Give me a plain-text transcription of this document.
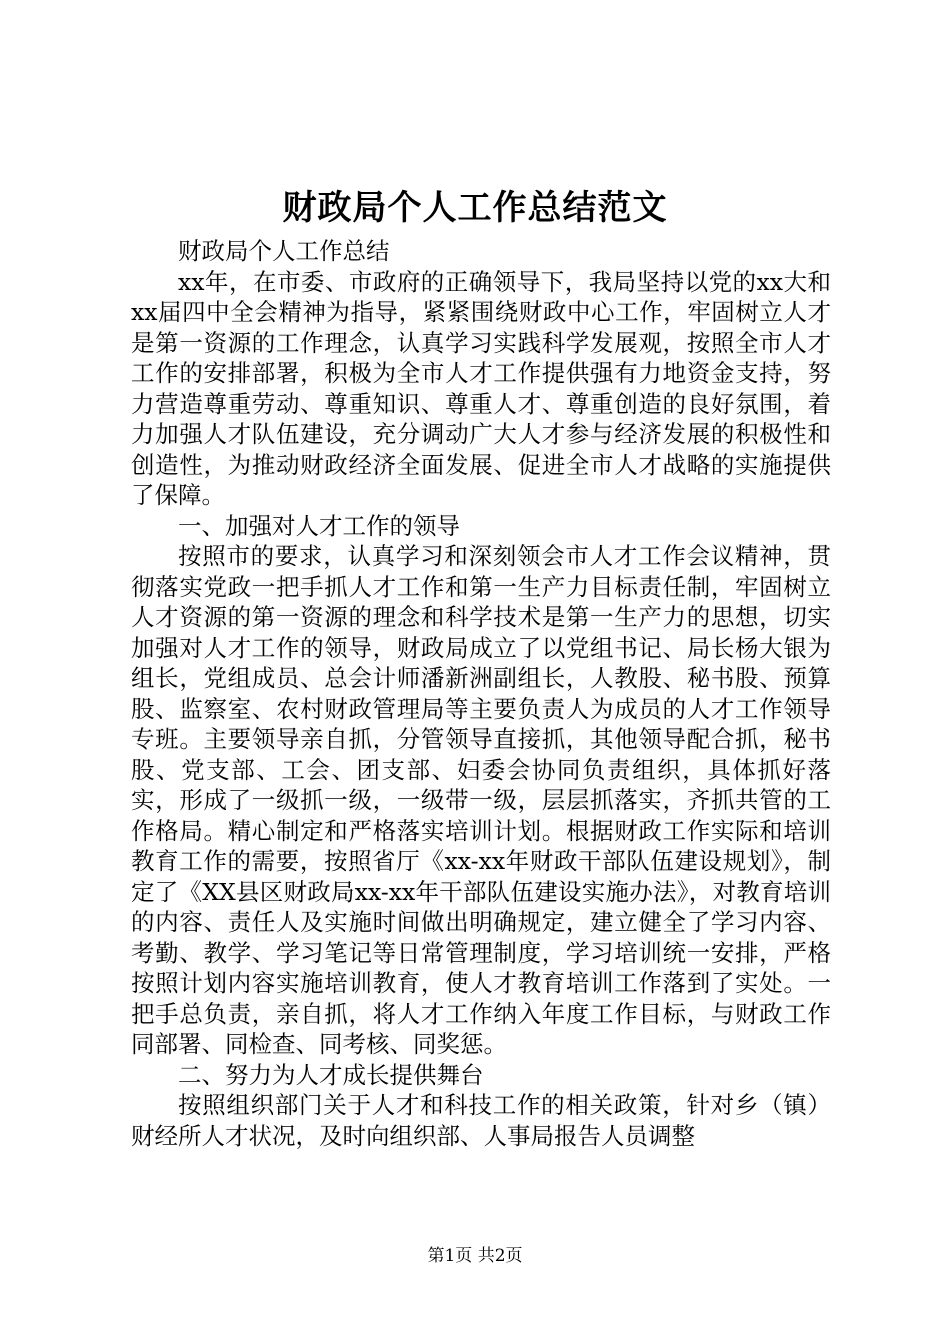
财政局个人工作总结范文

财政局个人工作总结

xx年，在市委、市政府的正确领导下，我局坚持以党的xx大和xx届四中全会精神为指导，紧紧围绕财政中心工作，牢固树立人才是第一资源的工作理念，认真学习实践科学发展观，按照全市人才工作的安排部署，积极为全市人才工作提供强有力地资金支持，努力营造尊重劳动、尊重知识、尊重人才、尊重创造的良好氛围，着力加强人才队伍建设，充分调动广大人才参与经济发展的积极性和创造性，为推动财政经济全面发展、促进全市人才战略的实施提供了保障。

一、加强对人才工作的领导

按照市的要求，认真学习和深刻领会市人才工作会议精神，贯彻落实党政一把手抓人才工作和第一生产力目标责任制，牢固树立人才资源的第一资源的理念和科学技术是第一生产力的思想，切实加强对人才工作的领导，财政局成立了以党组书记、局长杨大银为组长，党组成员、总会计师潘新洲副组长，人教股、秘书股、预算股、监察室、农村财政管理局等主要负责人为成员的人才工作领导专班。主要领导亲自抓，分管领导直接抓，其他领导配合抓，秘书股、党支部、工会、团支部、妇委会协同负责组织，具体抓好落实，形成了一级抓一级，一级带一级，层层抓落实，齐抓共管的工作格局。精心制定和严格落实培训计划。根据财政工作实际和培训教育工作的需要，按照省厅《xx-xx年财政干部队伍建设规划》，制定了《XX县区财政局xx-xx年干部队伍建设实施办法》，对教育培训的内容、责任人及实施时间做出明确规定，建立健全了学习内容、考勤、教学、学习笔记等日常管理制度，学习培训统一安排，严格按照计划内容实施培训教育，使人才教育培训工作落到了实处。一把手总负责，亲自抓，将人才工作纳入年度工作目标，与财政工作同部署、同检查、同考核、同奖惩。

二、努力为人才成长提供舞台

按照组织部门关于人才和科技工作的相关政策，针对乡（镇）财经所人才状况，及时向组织部、人事局报告人员调整

第1页 共2页
